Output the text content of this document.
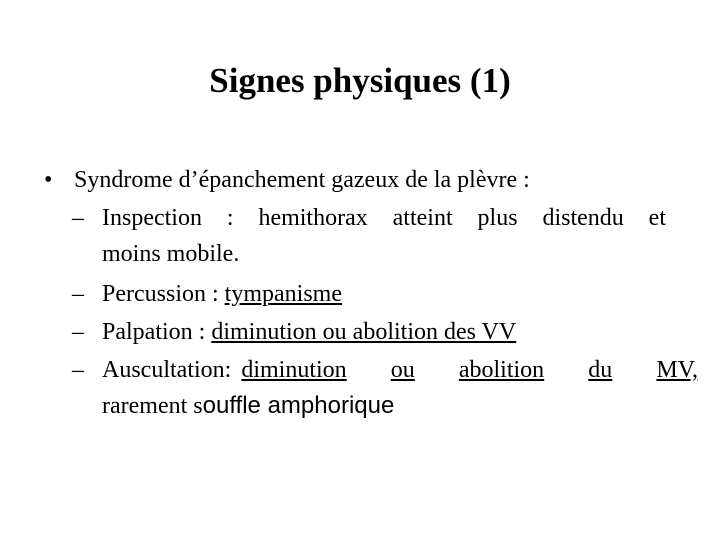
Signes physiques (1)
• Syndrome d’épanchement gazeux de la plèvre :
– Inspection : hemithorax atteint plus distendu et
moins mobile.
– Percussion : tympanisme
– Palpation : diminution ou abolition des VV
– Auscultation: diminution ou abolition du MV,
rarement souffle amphorique
